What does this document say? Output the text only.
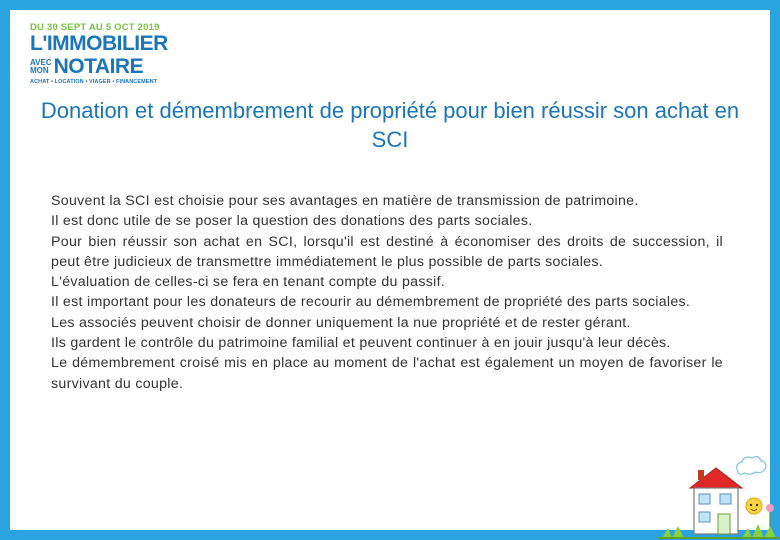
DU 30 SEPT AU 5 OCT 2019
L'IMMOBILIER
AVEC
MON NOTAIRE
ACHAT • LOCATION • VIAGER • FINANCEMENT
Donation et démembrement de propriété pour bien réussir son achat en SCI

Souvent la SCI est choisie pour ses avantages en matière de transmission de patrimoine.

Il est donc utile de se poser la question des donations des parts sociales.

Pour bien réussir son achat en SCI, lorsqu'il est destiné à économiser des droits de succession, il peut être judicieux de transmettre immédiatement le plus possible de parts sociales.

L'évaluation de celles-ci se fera en tenant compte du passif.

Il est important pour les donateurs de recourir au démembrement de propriété des parts sociales.

Les associés peuvent choisir de donner uniquement la nue propriété et de rester gérant.

Ils gardent le contrôle du patrimoine familial et peuvent continuer à en jouir jusqu'à leur décès.

Le démembrement croisé mis en place au moment de l'achat est également un moyen de favoriser le survivant du couple.
